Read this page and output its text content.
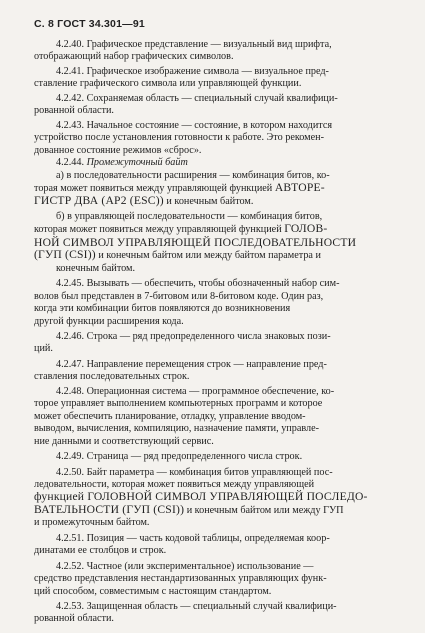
С. 8 ГОСТ 34.301—91

4.2.40. Графическое представление — визуальный вид шрифта,

отображающий набор графических символов.

4.2.41. Графическое изображение символа — визуальное пред-

ставление графического символа или управляющей функции.

4.2.42. Сохраняемая область — специальный случай квалифици-

рованной области.

4.2.43. Начальное состояние — состояние, в котором находится

устройство после установления готовности к работе. Это рекомен-

дованное состояние режимов «сброс».

4.2.44. Промежуточный байт

а) в последовательности расширения — комбинация битов, ко-

торая может появиться между управляющей функцией АВТОРЕ-

ГИСТР ДВА (АР2 (ESC)) и конечным байтом.

б) в управляющей последовательности — комбинация битов,

которая может появиться между управляющей функцией ГОЛОВ-

НОЙ СИМВОЛ УПРАВЛЯЮЩЕЙ ПОСЛЕДОВАТЕЛЬНОСТИ

(ГУП (CSI)) и конечным байтом или между байтом параметра и

конечным байтом.

4.2.45. Вызывать — обеспечить, чтобы обозначенный набор сим-

волов был представлен в 7-битовом или 8-битовом коде. Один раз,

когда эти комбинации битов появляются до возникновения

другой функции расширения кода.

4.2.46. Строка — ряд предопределенного числа знаковых пози-

ций.

4.2.47. Направление перемещения строк — направление пред-

ставления последовательных строк.

4.2.48. Операционная система — программное обеспечение, ко-

торое управляет выполнением компьютерных программ и которое

может обеспечить планирование, отладку, управление вводом-

выводом, вычисления, компиляцию, назначение памяти, управле-

ние данными и соответствующий сервис.

4.2.49. Страница — ряд предопределенного числа строк.

4.2.50. Байт параметра — комбинация битов управляющей пос-

ледовательности, которая может появиться между управляющей

функцией ГОЛОВНОЙ СИМВОЛ УПРАВЛЯЮЩЕЙ ПОСЛЕДО-

ВАТЕЛЬНОСТИ (ГУП (CSI)) и конечным байтом или между ГУП

и промежуточным байтом.

4.2.51. Позиция — часть кодовой таблицы, определяемая коор-

динатами ее столбцов и строк.

4.2.52. Частное (или экспериментальное) использование —

средство представления нестандартизованных управляющих функ-

ций способом, совместимым с настоящим стандартом.

4.2.53. Защищенная область — специальный случай квалифици-

рованной области.
